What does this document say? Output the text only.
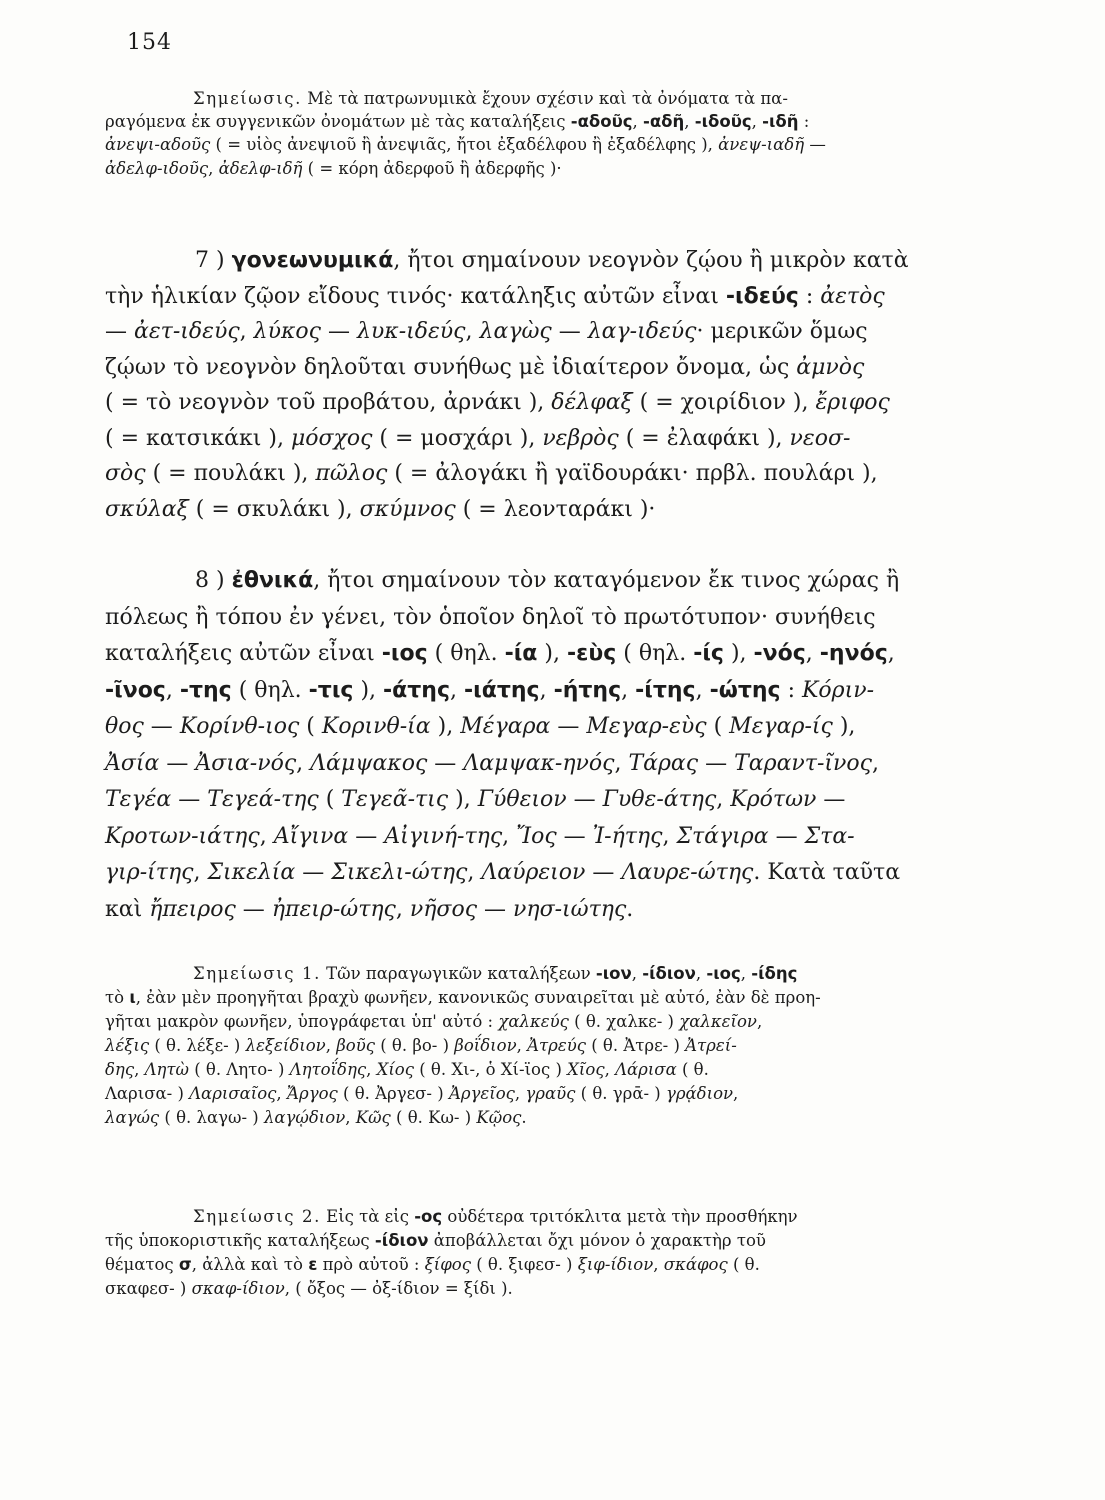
154
Σημείωσις. Μὲ τὰ πατρωνυμικὰ ἔχουν σχέσιν καὶ τὰ ὀνόματα τὰ πα-
ραγόμενα ἐκ συγγενικῶν ὀνομάτων μὲ τὰς καταλήξεις -αδοῦς, -αδῆ, -ιδοῦς, -ιδῆ :
ἀνεψι-αδοῦς ( = υἱὸς ἀνεψιοῦ ἢ ἀνεψιᾶς, ἤτοι ἐξαδέλφου ἢ ἐξαδέλφης ), ἀνεψ-ιαδῆ —
ἀδελφ-ιδοῦς, ἀδελφ-ιδῆ ( = κόρη ἀδερφοῦ ἢ ἀδερφῆς )·
7 ) γονεωνυμικά, ἤτοι σημαίνουν νεογνὸν ζῴου ἢ μικρὸν κατὰ
τὴν ἡλικίαν ζῷον εἴδους τινός· κατάληξις αὐτῶν εἶναι -ιδεύς : ἀετὸς
— ἀετ-ιδεύς, λύκος — λυκ-ιδεύς, λαγὼς — λαγ-ιδεύς· μερικῶν ὅμως
ζῴων τὸ νεογνὸν δηλοῦται συνήθως μὲ ἰδιαίτερον ὄνομα, ὡς ἀμνὸς
( = τὸ νεογνὸν τοῦ προβάτου, ἀρνάκι ), δέλφαξ ( = χοιρίδιον ), ἔριφος
( = κατσικάκι ), μόσχος ( = μοσχάρι ), νεβρὸς ( = ἐλαφάκι ), νεοσ-
σὸς ( = πουλάκι ), πῶλος ( = ἀλογάκι ἢ γαϊδουράκι· πρβλ. πουλάρι ),
σκύλαξ ( = σκυλάκι ), σκύμνος ( = λεονταράκι )·
8 ) ἐθνικά, ἤτοι σημαίνουν τὸν καταγόμενον ἔκ τινος χώρας ἢ
πόλεως ἢ τόπου ἐν γένει, τὸν ὁποῖον δηλοῖ τὸ πρωτότυπον· συνήθεις
καταλήξεις αὐτῶν εἶναι -ιος ( θηλ. -ία ), -εὺς ( θηλ. -ίς ), -νός, -ηνός,
-ῖνος, -της ( θηλ. -τις ), -άτης, -ιάτης, -ήτης, -ίτης, -ώτης : Κόριν-
θος — Κορίνθ-ιος ( Κορινθ-ία ), Μέγαρα — Μεγαρ-εὺς ( Μεγαρ-ίς ),
Ἀσία — Ἀσια-νός, Λάμψακος — Λαμψακ-ηνός, Τάρας — Ταραντ-ῖνος,
Τεγέα — Τεγεά-της ( Τεγεᾶ-τις ), Γύθειον — Γυθε-άτης, Κρότων —
Κροτων-ιάτης, Αἴγινα — Αἰγινή-της, Ἴος — Ἰ-ήτης, Στάγιρα — Στα-
γιρ-ίτης, Σικελία — Σικελι-ώτης, Λαύρειον — Λαυρε-ώτης. Κατὰ ταῦτα
καὶ ἤπειρος — ἠπειρ-ώτης, νῆσος — νησ-ιώτης.
Σημείωσις 1. Τῶν παραγωγικῶν καταλήξεων -ιον, -ίδιον, -ιος, -ίδης
τὸ ι, ἐὰν μὲν προηγῆται βραχὺ φωνῆεν, κανονικῶς συναιρεῖται μὲ αὐτό, ἐὰν δὲ προη-
γῆται μακρὸν φωνῆεν, ὑπογράφεται ὑπ' αὐτό : χαλκεύς ( θ. χαλκε- ) χαλκεῖον,
λέξις ( θ. λέξε- ) λεξείδιον, βοῦς ( θ. βο- ) βοΐδιον, Ἀτρεύς ( θ. Ἀτρε- ) Ἀτρεί-
δης, Λητὼ ( θ. Λητο- ) Λητοΐδης, Χίος ( θ. Χι-, ὁ Χί-ϊος ) Χῖος, Λάρισα ( θ.
Λαρισα- ) Λαρισαῖος, Ἄργος ( θ. Ἀργεσ- ) Ἀργεῖος, γραῦς ( θ. γρᾱ- ) γρᾴδιον,
λαγώς ( θ. λαγω- ) λαγῴδιον, Κῶς ( θ. Κω- ) Κῷος.
Σημείωσις 2. Εἰς τὰ εἰς -ος οὐδέτερα τριτόκλιτα μετὰ τὴν προσθήκην
τῆς ὑποκοριστικῆς καταλήξεως -ίδιον ἀποβάλλεται ὄχι μόνον ὁ χαρακτὴρ τοῦ
θέματος σ, ἀλλὰ καὶ τὸ ε πρὸ αὐτοῦ : ξίφος ( θ. ξιφεσ- ) ξιφ-ίδιον, σκάφος ( θ.
σκαφεσ- ) σκαφ-ίδιον, ( ὄξος — ὀξ-ίδιον = ξίδι ).
